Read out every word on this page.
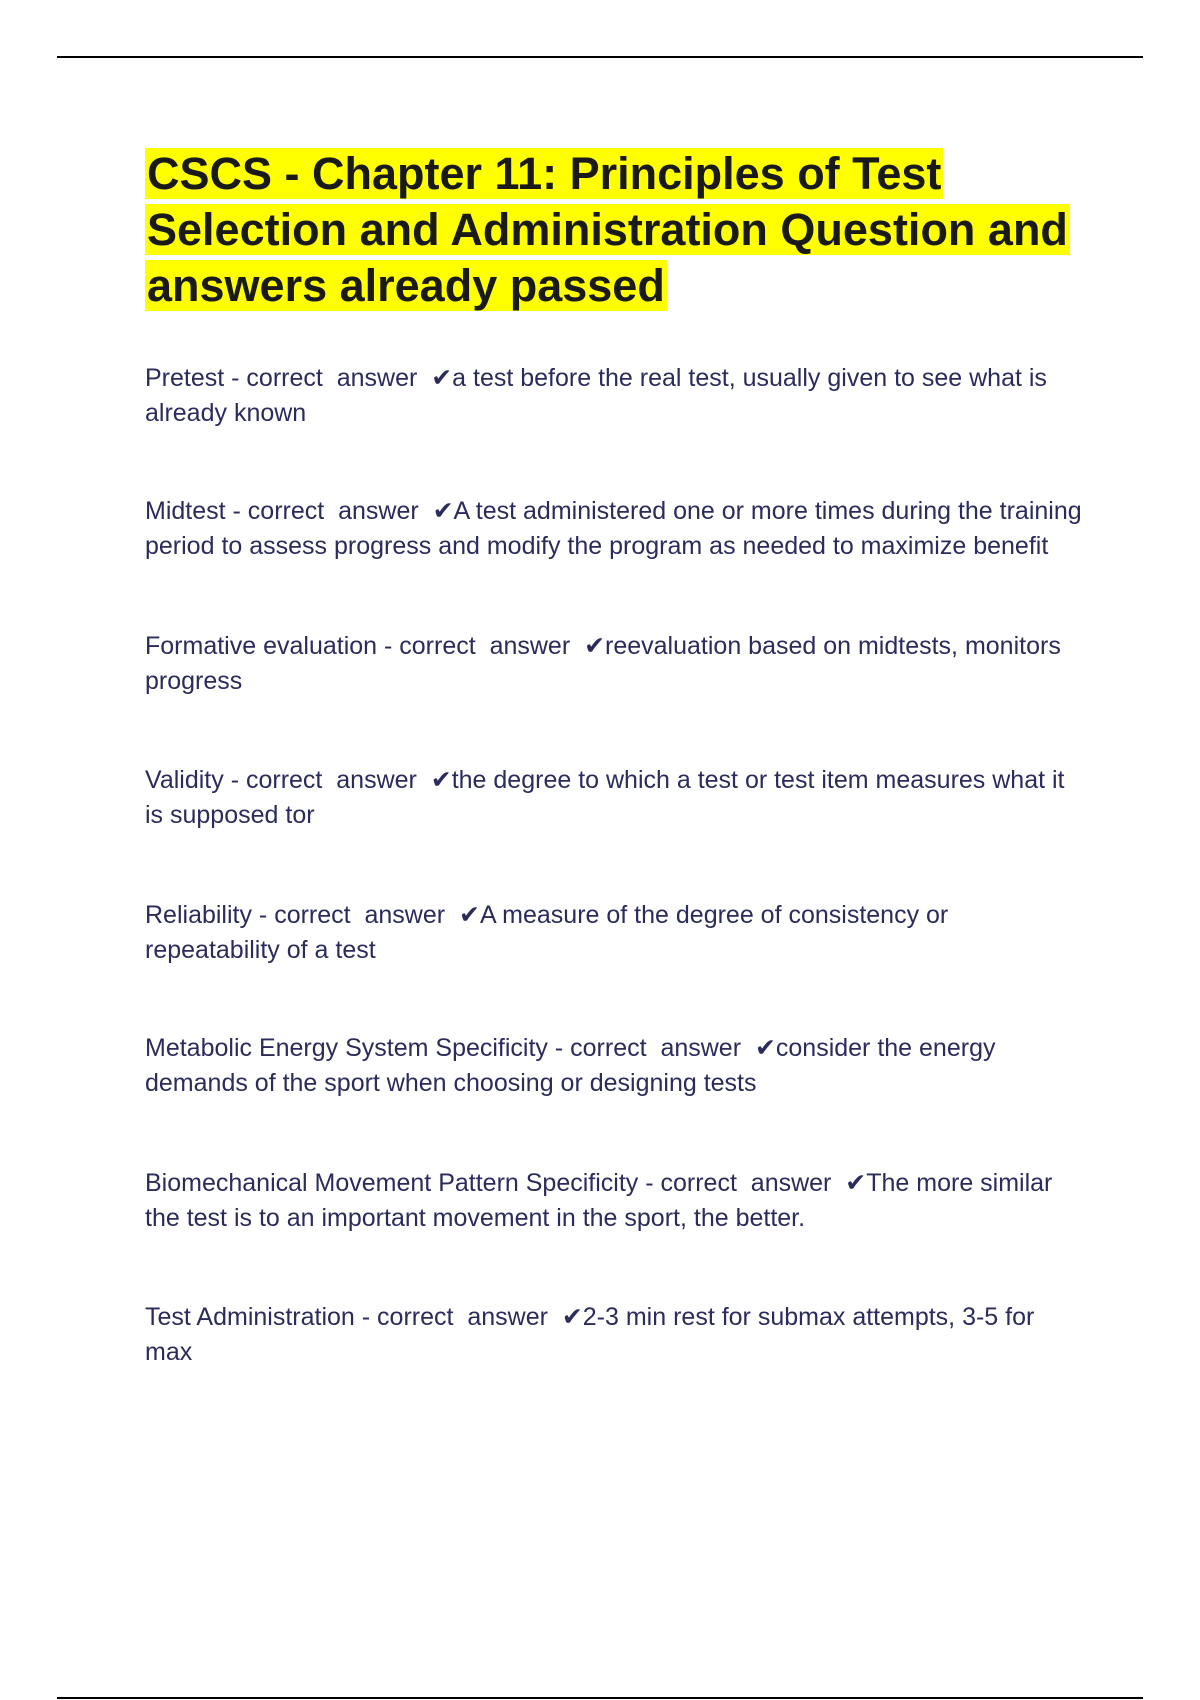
CSCS - Chapter 11: Principles of Test Selection and Administration Question and answers already passed
Pretest - correct  answer  ✔a test before the real test, usually given to see what is already known
Midtest - correct  answer  ✔A test administered one or more times during the training period to assess progress and modify the program as needed to maximize benefit
Formative evaluation - correct  answer  ✔reevaluation based on midtests, monitors progress
Validity - correct  answer  ✔the degree to which a test or test item measures what it is supposed tor
Reliability - correct  answer  ✔A measure of the degree of consistency or repeatability of a test
Metabolic Energy System Specificity - correct  answer  ✔consider the energy demands of the sport when choosing or designing tests
Biomechanical Movement Pattern Specificity - correct  answer  ✔The more similar the test is to an important movement in the sport, the better.
Test Administration - correct  answer  ✔2-3 min rest for submax attempts, 3-5 for max
